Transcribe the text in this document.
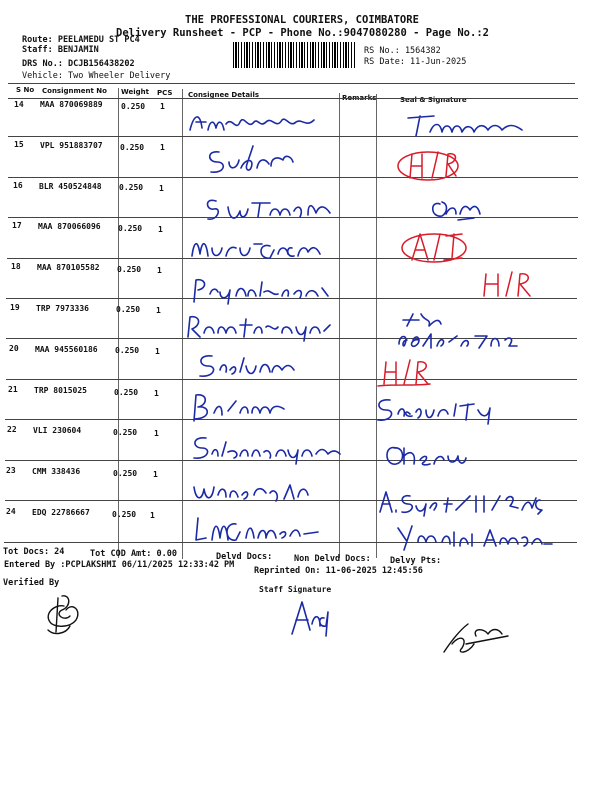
THE PROFESSIONAL COURIERS, COIMBATORE
Delivery Runsheet - PCP - Phone No.:9047080280 - Page No.:2
Route: PEELAMEDU ST PC4
Staff: BENJAMIN
DRS No.: DCJB156438202
Vehicle: Two Wheeler Delivery
RS No.: 1564382
RS Date: 11-Jun-2025
S No Consignment No Weight PCS Consignee Details	Remarks	Seal & Signature
14 MAA 870069889 0.250 1
15 VPL 951883707 0.250 1
16 BLR 450524848 0.250 1
17 MAA 870066096 0.250 1
18 MAA 870105582 0.250 1
19 TRP 7973336	0.250 1
20 MAA 945560186 0.250 1
21 TRP 8015025	0.250 1
22 VLI 230604	0.250 1
23 CMM 338436	0.250 1
24 EDQ 22786667	0.250 1
Tot Docs: 24	Tot COD Amt: 0.00	Delvd Docs:	Non Delvd Docs: Delvy Pts:
Entered By :PCPLAKSHMI 06/11/2025 12:33:42 PM
Reprinted On: 11-06-2025 12:45:56
Verified By
Staff Signature
